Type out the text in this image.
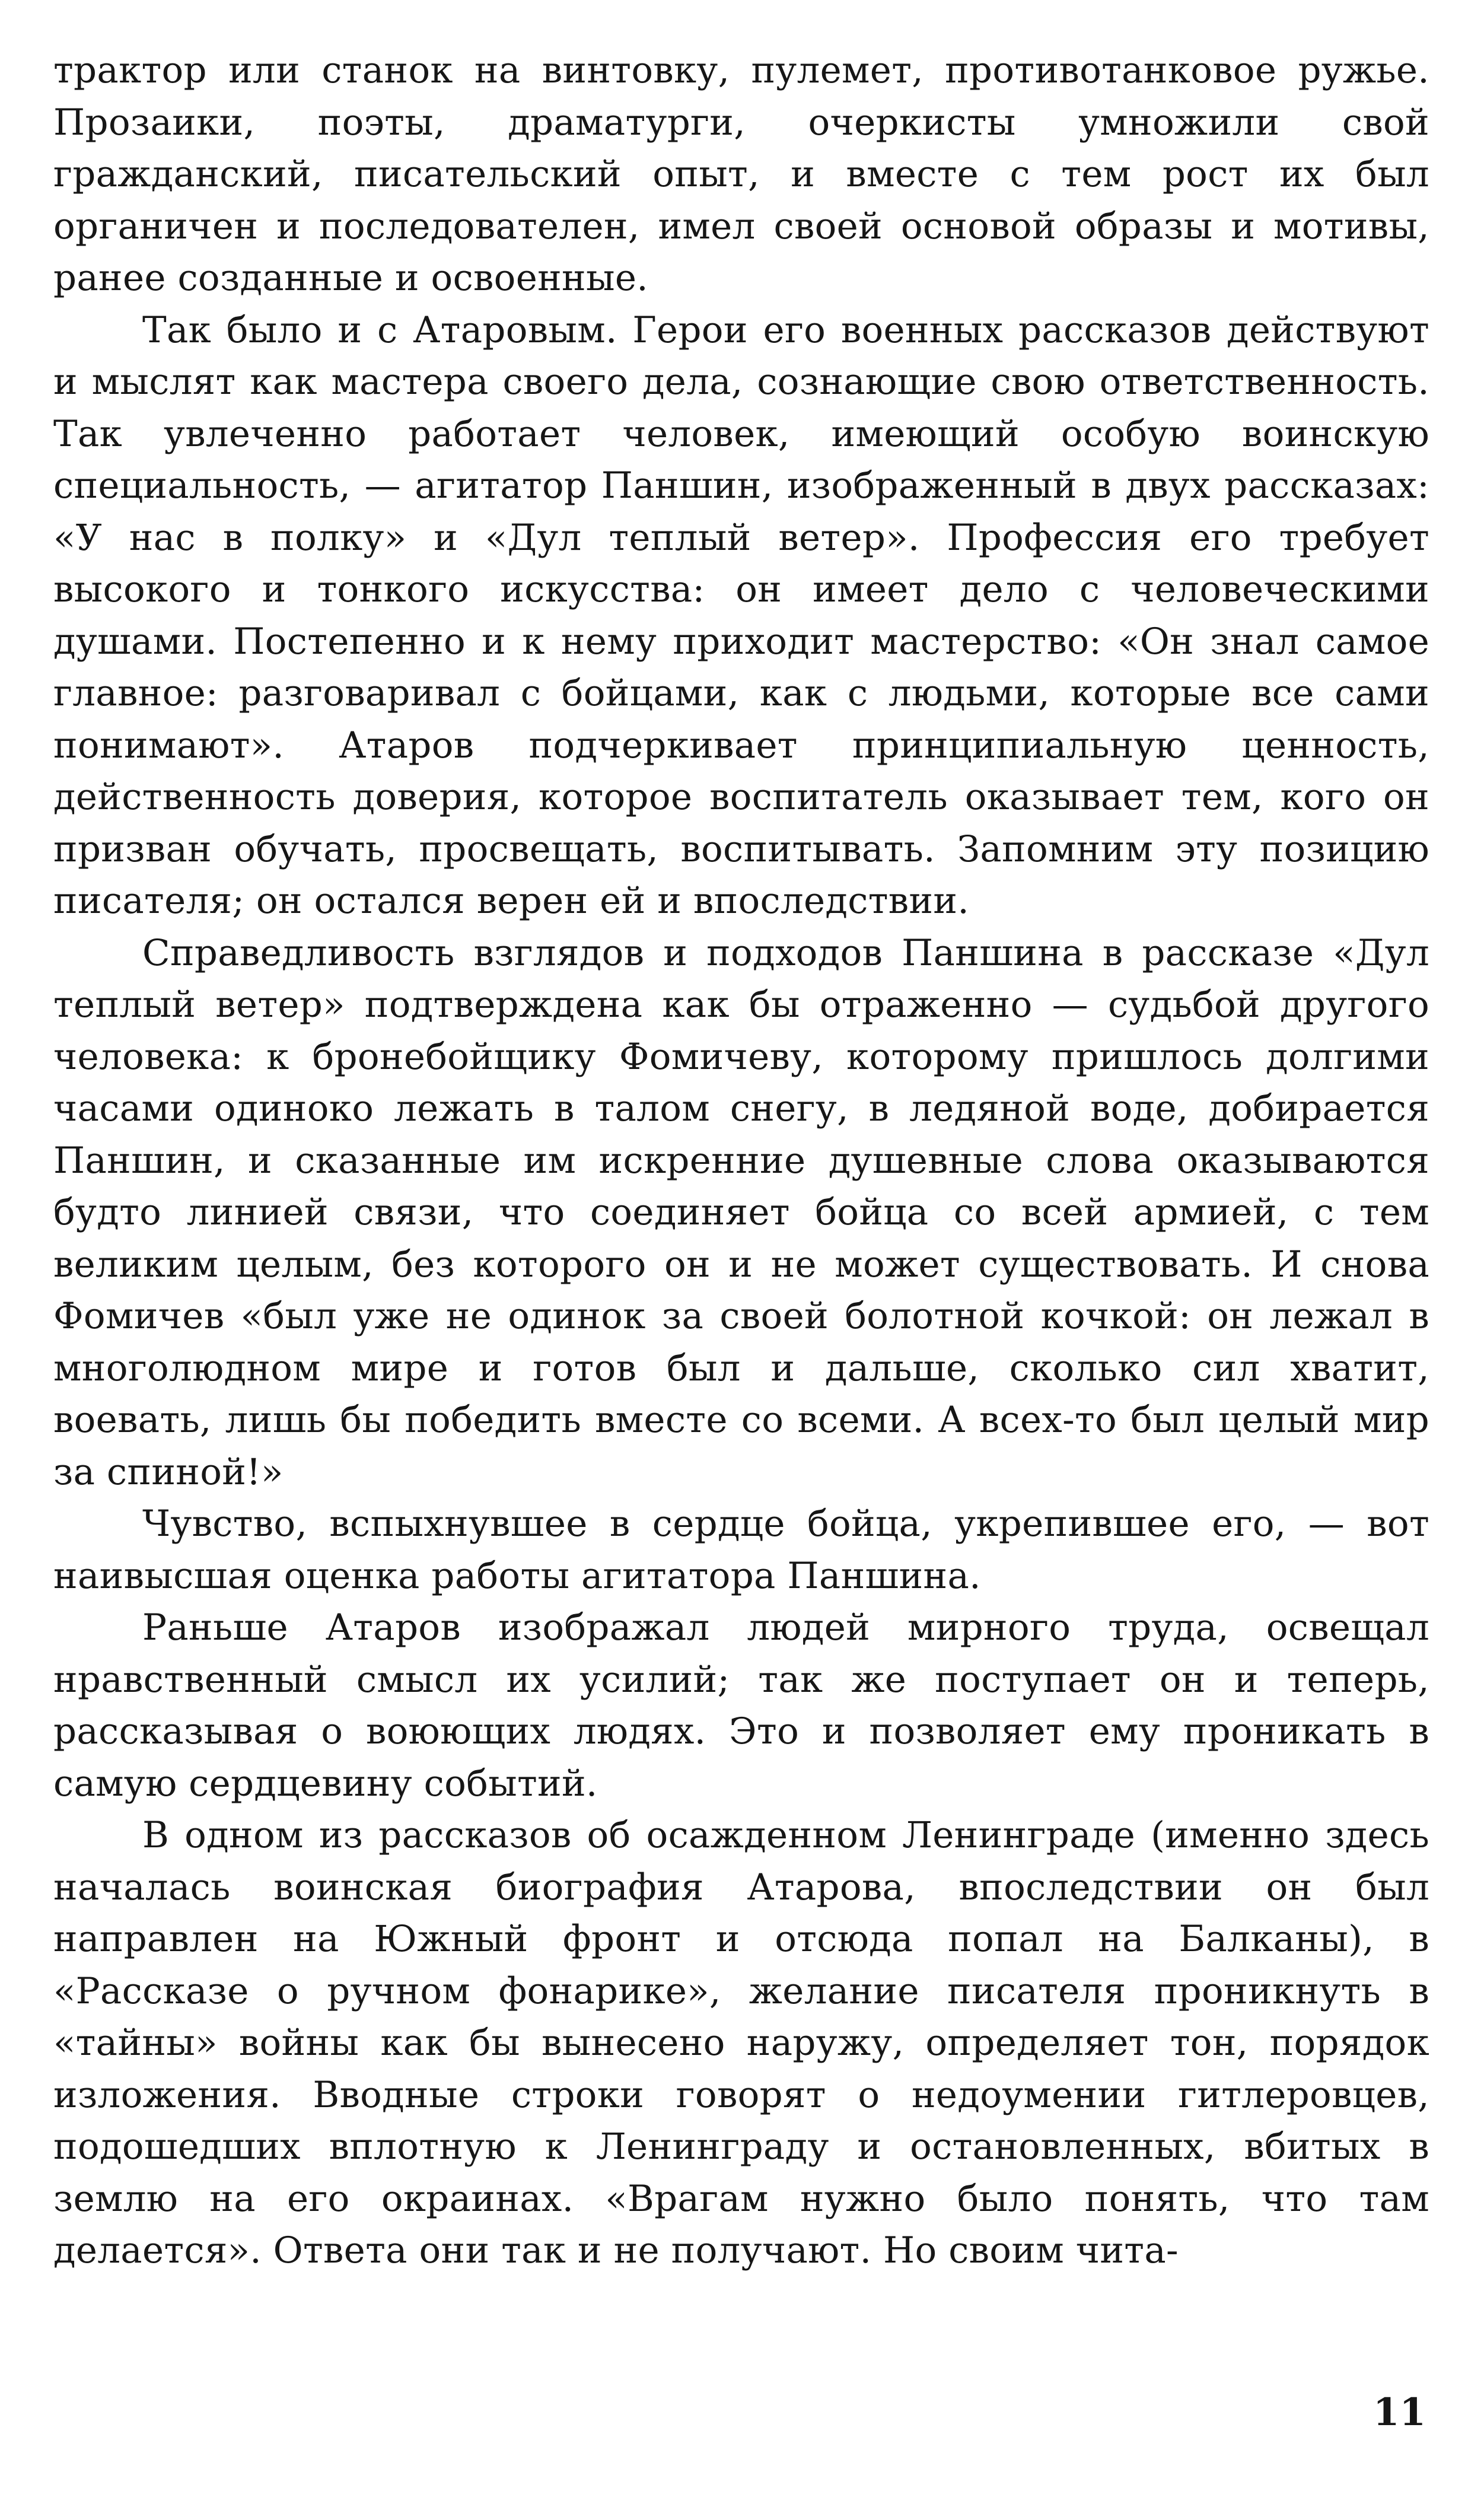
трактор или станок на винтовку, пулемет, противотанковое ружье. Прозаики, поэты, драматурги, очеркисты умножили свой гражданский, писательский опыт, и вместе с тем рост их был органичен и последователен, имел своей основой образы и мотивы, ранее созданные и освоенные.

Так было и с Атаровым. Герои его военных рассказов действуют и мыслят как мастера своего дела, сознающие свою ответственность. Так увлеченно работает человек, имеющий особую воинскую специальность, — агитатор Паншин, изображенный в двух рассказах: «У нас в полку» и «Дул теплый ветер». Профессия его требует высокого и тонкого искусства: он имеет дело с человеческими душами. Постепенно и к нему приходит мастерство: «Он знал самое главное: разговаривал с бойцами, как с людьми, которые все сами понимают». Атаров подчеркивает принципиальную ценность, действенность доверия, которое воспитатель оказывает тем, кого он призван обучать, просвещать, воспитывать. Запомним эту позицию писателя; он остался верен ей и впоследствии.

Справедливость взглядов и подходов Паншина в рассказе «Дул теплый ветер» подтверждена как бы отраженно — судьбой другого человека: к бронебойщику Фомичеву, которому пришлось долгими часами одиноко лежать в талом снегу, в ледяной воде, добирается Паншин, и сказанные им искренние душевные слова оказываются будто линией связи, что соединяет бойца со всей армией, с тем великим целым, без которого он и не может существовать. И снова Фомичев «был уже не одинок за своей болотной кочкой: он лежал в многолюдном мире и готов был и дальше, сколько сил хватит, воевать, лишь бы победить вместе со всеми. А всех-то был целый мир за спиной!»

Чувство, вспыхнувшее в сердце бойца, укрепившее его, — вот наивысшая оценка работы агитатора Паншина.

Раньше Атаров изображал людей мирного труда, освещал нравственный смысл их усилий; так же поступает он и теперь, рассказывая о воюющих людях. Это и позволяет ему проникать в самую сердцевину событий.

В одном из рассказов об осажденном Ленинграде (именно здесь началась воинская биография Атарова, впоследствии он был направлен на Южный фронт и отсюда попал на Балканы), в «Рассказе о ручном фонарике», желание писателя проникнуть в «тайны» войны как бы вынесено наружу, определяет тон, порядок изложения. Вводные строки говорят о недоумении гитлеровцев, подошедших вплотную к Ленинграду и остановленных, вбитых в землю на его окраинах. «Врагам нужно было понять, что там делается». Ответа они так и не получают. Но своим чита-

11
